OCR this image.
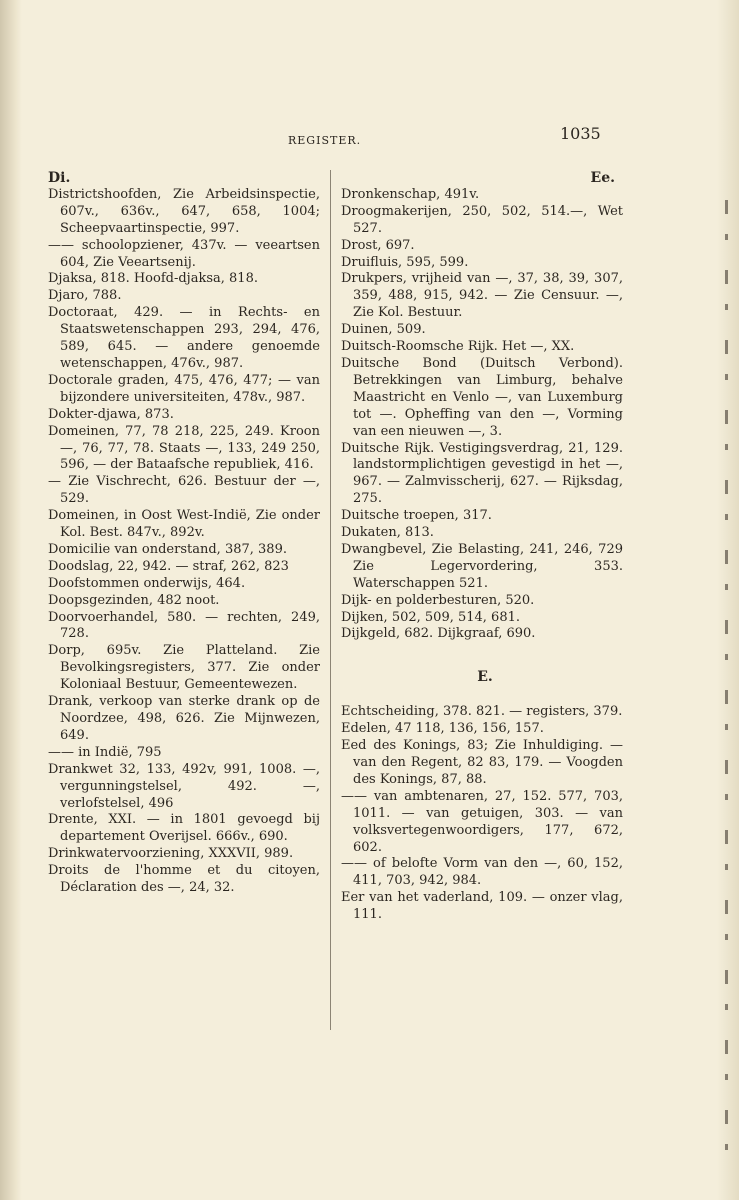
REGISTER.	1035

Di.

Districtshoofden, Zie Arbeidsinspectie, 607v., 636v., 647, 658, 1004; Scheepvaartinspectie, 997.

—— schoolopziener, 437v. — veeartsen 604, Zie Veeartsenij.

Djaksa, 818. Hoofd-djaksa, 818.

Djaro, 788.

Doctoraat, 429. — in Rechts- en Staatswetenschappen 293, 294, 476, 589, 645. — andere genoemde wetenschappen, 476v., 987.

Doctorale graden, 475, 476, 477; — van bijzondere universiteiten, 478v., 987.

Dokter-djawa, 873.

Domeinen, 77, 78 218, 225, 249. Kroon —, 76, 77, 78. Staats —, 133, 249 250, 596, — der Bataafsche republiek, 416.

— Zie Vischrecht, 626. Bestuur der —, 529.

Domeinen, in Oost West-Indië, Zie onder Kol. Best. 847v., 892v.

Domicilie van onderstand, 387, 389.

Doodslag, 22, 942. — straf, 262, 823

Doofstommen onderwijs, 464.

Doopsgezinden, 482 noot.

Doorvoerhandel, 580. — rechten, 249, 728.

Dorp, 695v. Zie Platteland. Zie Bevolkingsregisters, 377. Zie onder Koloniaal Bestuur, Gemeentewezen.

Drank, verkoop van sterke drank op de Noordzee, 498, 626. Zie Mijnwezen, 649.

—— in Indië, 795

Drankwet 32, 133, 492v, 991, 1008. —, vergunningstelsel, 492. —, verlofstelsel, 496

Drente, XXI. — in 1801 gevoegd bij departement Overijsel. 666v., 690.

Drinkwatervoorziening, XXXVII, 989.

Droits de l'homme et du citoyen, Déclaration des —, 24, 32.

Ee.

Dronkenschap, 491v.

Droogmakerijen, 250, 502, 514.—, Wet 527.

Drost, 697.

Druifluis, 595, 599.

Drukpers, vrijheid van —, 37, 38, 39, 307, 359, 488, 915, 942. — Zie Censuur. —, Zie Kol. Bestuur.

Duinen, 509.

Duitsch-Roomsche Rijk. Het —, XX.

Duitsche Bond (Duitsch Verbond). Betrekkingen van Limburg, behalve Maastricht en Venlo —, van Luxemburg tot —. Opheffing van den —, Vorming van een nieuwen —, 3.

Duitsche Rijk. Vestigingsverdrag, 21, 129. landstormplichtigen gevestigd in het —, 967. — Zalmvisscherij, 627. — Rijksdag, 275.

Duitsche troepen, 317.

Dukaten, 813.

Dwangbevel, Zie Belasting, 241, 246, 729 Zie Legervordering, 353. Waterschappen 521.

Dijk- en polderbesturen, 520.

Dijken, 502, 509, 514, 681.

Dijkgeld, 682. Dijkgraaf, 690.

E.

Echtscheiding, 378. 821. — registers, 379.

Edelen, 47 118, 136, 156, 157.

Eed des Konings, 83; Zie Inhuldiging. — van den Regent, 82 83, 179. — Voogden des Konings, 87, 88.

—— van ambtenaren, 27, 152. 577, 703, 1011. — van getuigen, 303. — van volksvertegenwoordigers, 177, 672, 602.

—— of belofte Vorm van den —, 60, 152, 411, 703, 942, 984.

Eer van het vaderland, 109. — onzer vlag, 111.
